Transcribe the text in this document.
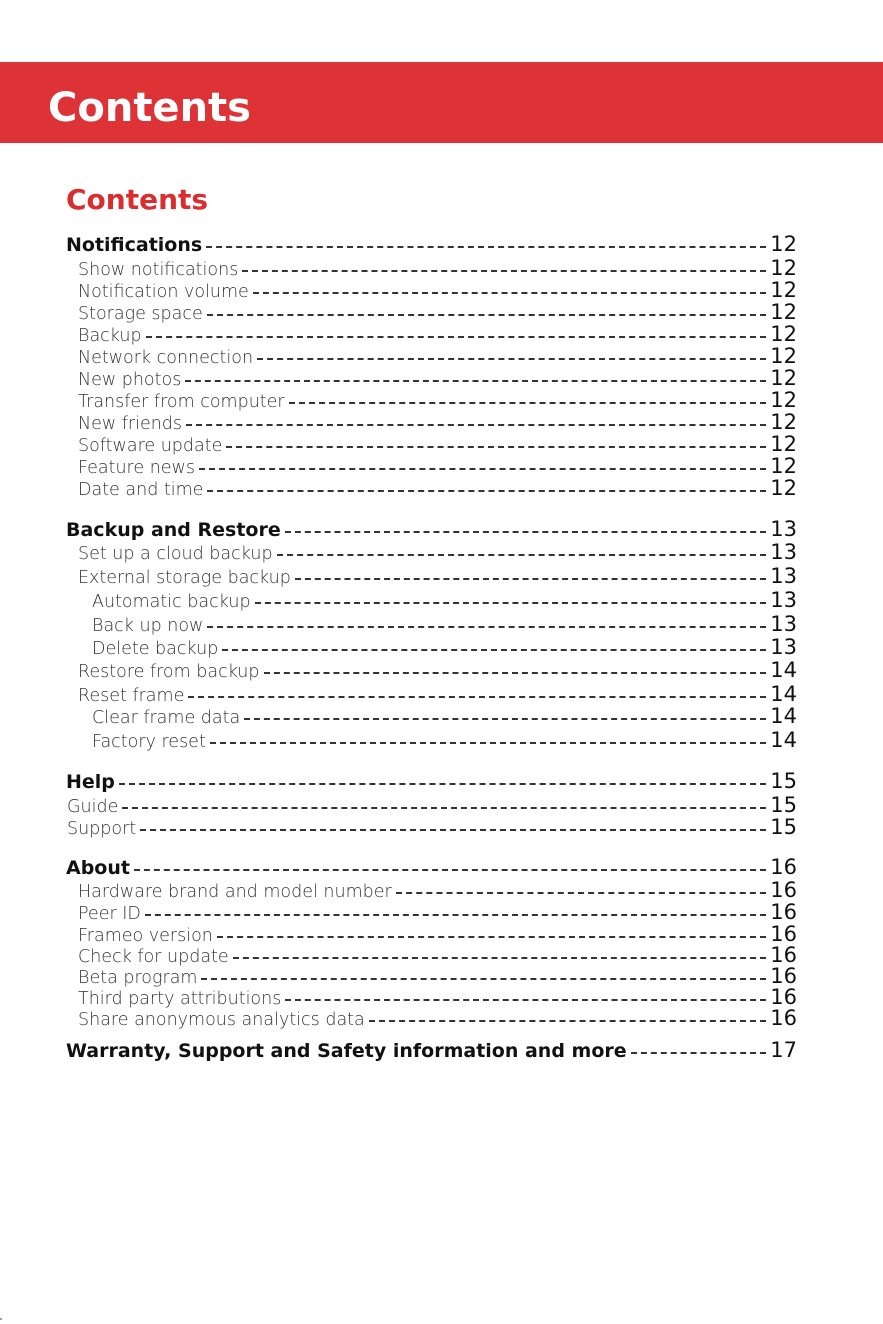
Contents
Contents
Notifications	12
Show notifications	12
Notification volume	12
Storage space	12
Backup	12
Network connection	12
New photos	12
Transfer from computer	12
New friends	12
Software update	12
Feature news	12
Date and time	12
Backup and Restore	13
Set up a cloud backup	13
External storage backup	13
Automatic backup	13
Back up now	13
Delete backup	13
Restore from backup	14
Reset frame	14
Clear frame data	14
Factory reset	14
Help	15
Guide	15
Support	15
About	16
Hardware brand and model number	16
Peer ID	16
Frameo version	16
Check for update	16
Beta program	16
Third party attributions	16
Share anonymous analytics data	16
Warranty, Support and Safety information and more	17
